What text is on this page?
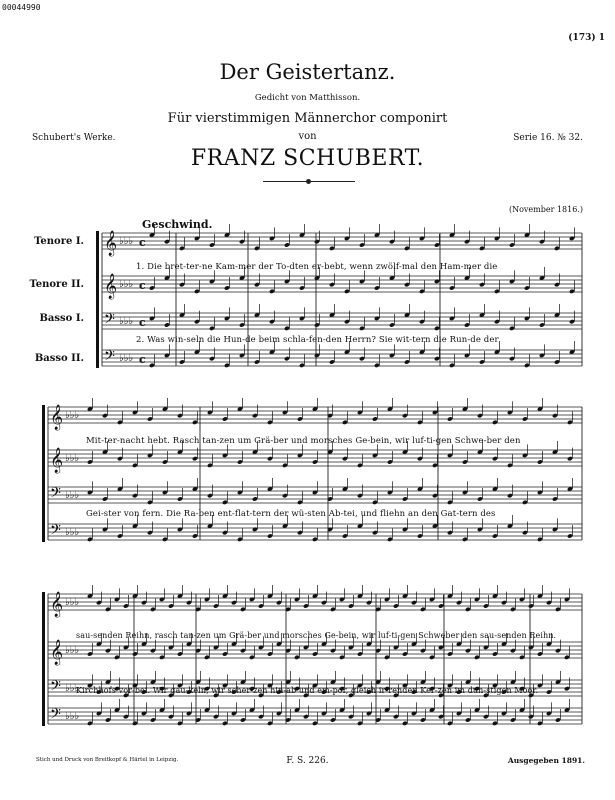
00044990
(173) 1
Der Geistertanz.
Gedicht von Matthisson.
Für vierstimmigen Männerchor componirt
Schubert's Werke.	von	Serie 16. № 32.
FRANZ SCHUBERT.
(November 1816.)
Geschwind.
Tenore I.
Tenore II.
Basso I.
Basso II.
𝄞 ♭♭♭ c
𝄞 ♭♭♭ c
𝄢 ♭♭♭ c
𝄢 ♭♭♭ c
𝄞 ♭♭♭
𝄞 ♭♭♭
𝄢 ♭♭♭
𝄢 ♭♭♭
𝄞 ♭♭♭
𝄞 ♭♭♭
𝄢 ♭♭♭
𝄢 ♭♭♭
1. Die bret-ter-ne Kam-mer der To-dten er-bebt, wenn zwölf-mal den Ham-mer die
2. Was win-seln die Hun-de beim schla-fen-den Herrn? Sie wit-tern die Run-de der
Mit-ter-nacht hebt. Rasch tan-zen um Grä-ber und morsches Ge-bein, wir luf-ti-gen Schwe-ber den
Gei-ster von fern. Die Ra-ben ent-flat-tern der wü-sten Ab-tei, und fliehn an den Gat-tern des
sau-senden Reihn, rasch tan-zen um Grä-ber und morsches Ge-bein, wir luf-ti-gen Schweber den sau-senden Reihn.
Kirchhofs vor-bei. Wir gau-keln, wir scher-zen hin-ab und em-por, gleich ir-renden Ker-zen im dun-stigen Moor.
Stich und Druck von Breitkopf & Härtel in Leipzig.	F. S. 226.	Ausgegeben 1891.
